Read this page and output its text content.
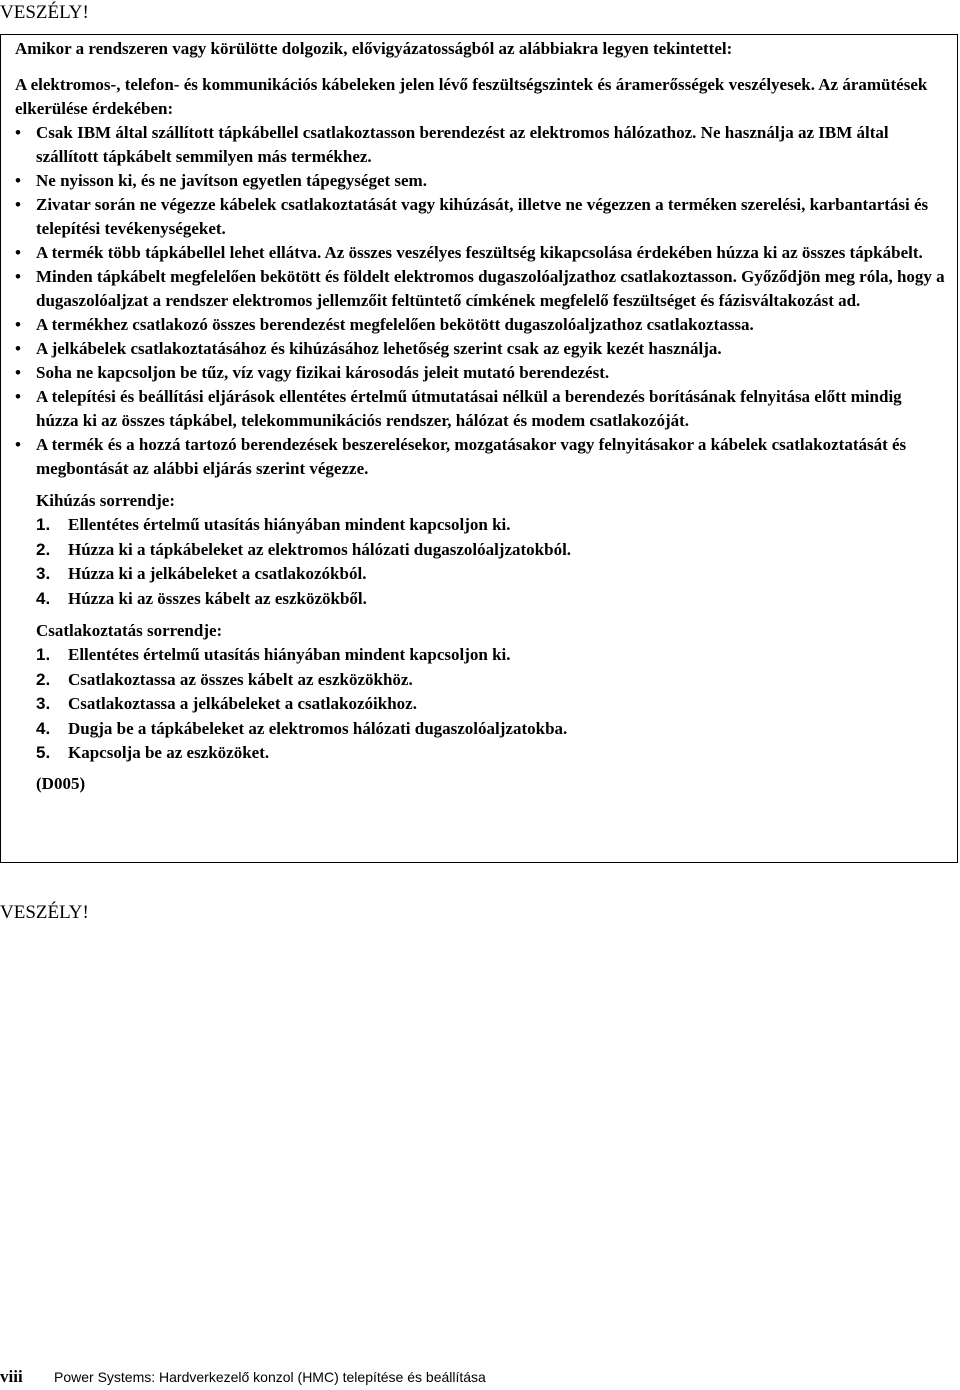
VESZÉLY!

Amikor a rendszeren vagy körülötte dolgozik, elővigyázatosságból az alábbiakra legyen tekintettel:

A elektromos-, telefon- és kommunikációs kábeleken jelen lévő feszültségszintek és áramerősségek veszélyesek. Az áramütések elkerülése érdekében:

• Csak IBM által szállított tápkábellel csatlakoztasson berendezést az elektromos hálózathoz. Ne használja az IBM által szállított tápkábelt semmilyen más termékhez.
• Ne nyisson ki, és ne javítson egyetlen tápegységet sem.
• Zivatar során ne végezze kábelek csatlakoztatását vagy kihúzását, illetve ne végezzen a terméken szerelési, karbantartási és telepítési tevékenységeket.
• A termék több tápkábellel lehet ellátva. Az összes veszélyes feszültség kikapcsolása érdekében húzza ki az összes tápkábelt.
• Minden tápkábelt megfelelően bekötött és földelt elektromos dugaszolóaljzathoz csatlakoztasson. Győződjön meg róla, hogy a dugaszolóaljzat a rendszer elektromos jellemzőit feltüntető címkének megfelelő feszültséget és fázisváltakozást ad.
• A termékhez csatlakozó összes berendezést megfelelően bekötött dugaszolóaljzathoz csatlakoztassa.
• A jelkábelek csatlakoztatásához és kihúzásához lehetőség szerint csak az egyik kezét használja.
• Soha ne kapcsoljon be tűz, víz vagy fizikai károsodás jeleit mutató berendezést.
• A telepítési és beállítási eljárások ellentétes értelmű útmutatásai nélkül a berendezés borításának felnyitása előtt mindig húzza ki az összes tápkábel, telekommunikációs rendszer, hálózat és modem csatlakozóját.
• A termék és a hozzá tartozó berendezések beszerelésekor, mozgatásakor vagy felnyitásakor a kábelek csatlakoztatását és megbontását az alábbi eljárás szerint végezze.
Kihúzás sorrendje:
1. Ellentétes értelmű utasítás hiányában mindent kapcsoljon ki.
2. Húzza ki a tápkábeleket az elektromos hálózati dugaszolóaljzatokból.
3. Húzza ki a jelkábeleket a csatlakozókból.
4. Húzza ki az összes kábelt az eszközökből.
Csatlakoztatás sorrendje:
1. Ellentétes értelmű utasítás hiányában mindent kapcsoljon ki.
2. Csatlakoztassa az összes kábelt az eszközökhöz.
3. Csatlakoztassa a jelkábeleket a csatlakozóikhoz.
4. Dugja be a tápkábeleket az elektromos hálózati dugaszolóaljzatokba.
5. Kapcsolja be az eszközöket.
(D005)
VESZÉLY!
viii Power Systems: Hardverkezelő konzol (HMC) telepítése és beállítása
